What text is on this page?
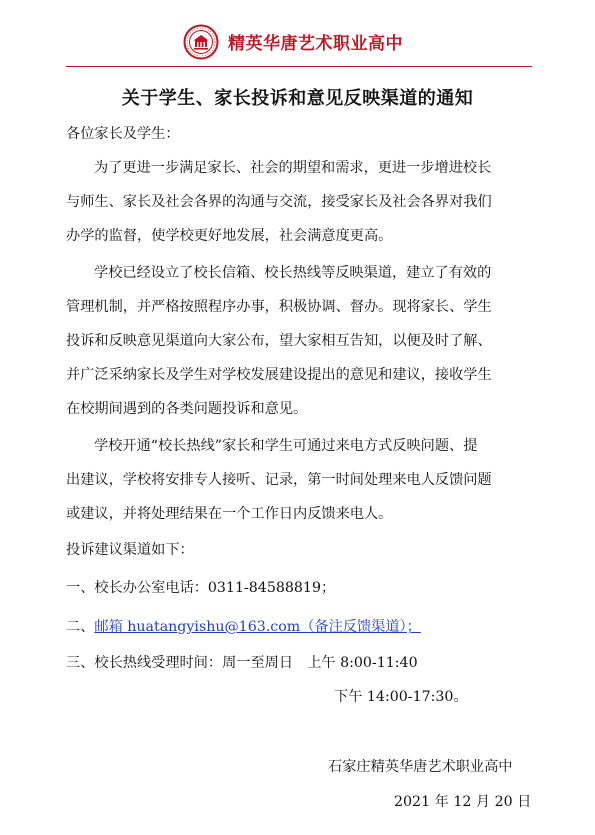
精英华唐艺术职业高中
关于学生、家长投诉和意见反映渠道的通知
各位家长及学生：
为了更进一步满足家长、社会的期望和需求，更进一步增进校长
与师生、家长及社会各界的沟通与交流，接受家长及社会各界对我们
办学的监督，使学校更好地发展，社会满意度更高。
学校已经设立了校长信箱、校长热线等反映渠道，建立了有效的
管理机制，并严格按照程序办事，积极协调、督办。现将家长、学生
投诉和反映意见渠道向大家公布，望大家相互告知，以便及时了解、
并广泛采纳家长及学生对学校发展建设提出的意见和建议，接收学生
在校期间遇到的各类问题投诉和意见。
学校开通“校长热线”家长和学生可通过来电方式反映问题、提
出建议，学校将安排专人接听、记录，第一时间处理来电人反馈问题
或建议，并将处理结果在一个工作日内反馈来电人。
投诉建议渠道如下：
一、校长办公室电话：0311-84588819；
二、邮箱 huatangyishu@163.com（备注反馈渠道）；
三、校长热线受理时间：周一至周日　上午 8:00-11:40
下午 14:00-17:30。
石家庄精英华唐艺术职业高中
2021 年 12 月 20 日
